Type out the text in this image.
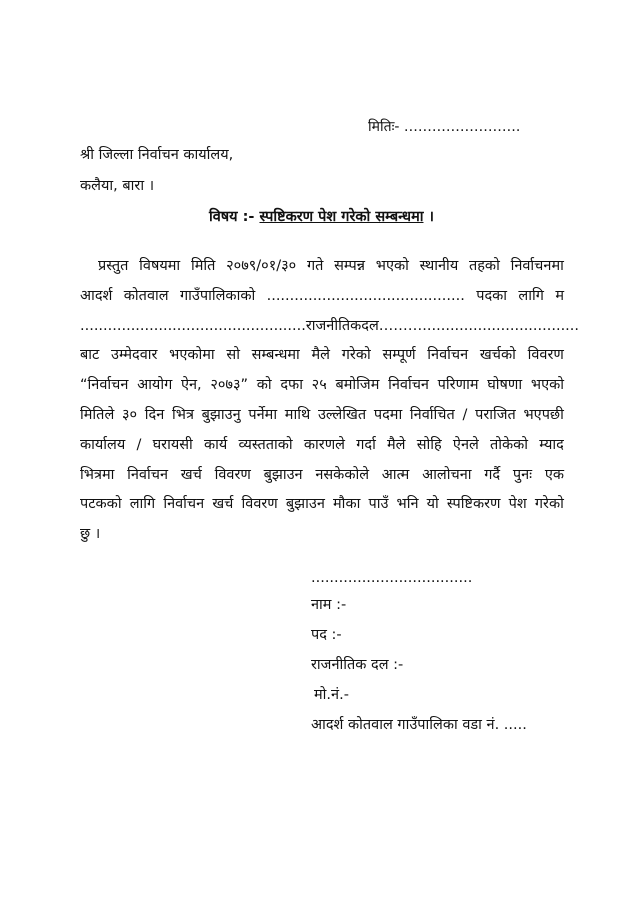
मितिः- …………………….
श्री जिल्ला निर्वाचन कार्यालय,
कलैया, बारा ।
विषय :- स्पष्टिकरण पेश गरेको सम्बन्धमा ।
प्रस्तुत विषयमा मिति २०७९/०१/३० गते सम्पन्न भएको स्थानीय तहको निर्वाचनमा
आदर्श कोतवाल गाउँपालिकाको ........................................... पदका लागि म
................................................. राजनीतिक दल ………..................................
बाट उम्मेदवार भएकोमा सो सम्बन्धमा मैले गरेको सम्पूर्ण निर्वाचन खर्चको विवरण
“निर्वाचन आयोग ऐन, २०७३” को दफा २५ बमोजिम निर्वाचन परिणाम घोषणा भएको
मितिले ३० दिन भित्र बुझाउनु पर्नेमा माथि उल्लेखित पदमा निर्वाचित / पराजित भएपछी
कार्यालय / घरायसी कार्य व्यस्तताको कारणले गर्दा मैले सोहि ऐनले तोकेको म्याद
भित्रमा निर्वाचन खर्च विवरण बुझाउन नसकेकोले आत्म आलोचना गर्दै पुनः एक
पटकको लागि निर्वाचन खर्च विवरण बुझाउन मौका पाउँ भनि यो स्पष्टिकरण पेश गरेको
छु ।
...................................
नाम :-
पद :-
राजनीतिक दल :-
मो.नं.-
आदर्श कोतवाल गाउँपालिका वडा नं. .....
